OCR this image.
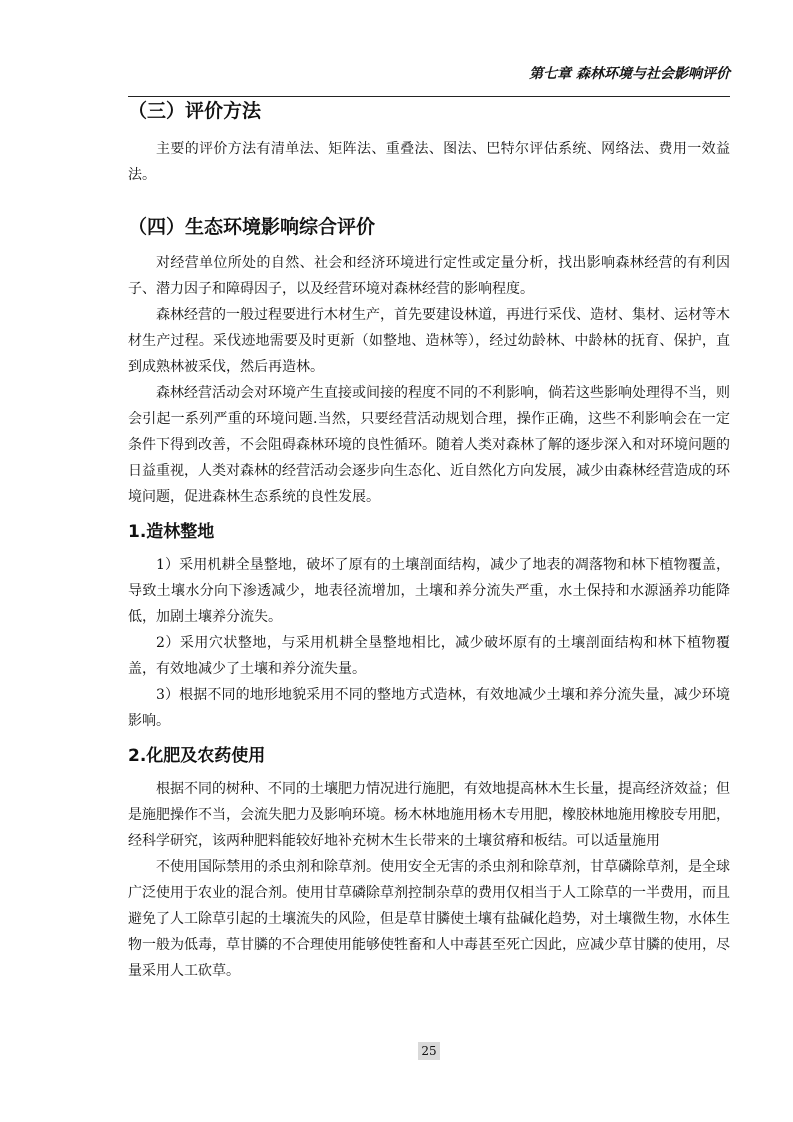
第七章 森林环境与社会影响评价
（三）评价方法

主要的评价方法有清单法、矩阵法、重叠法、图法、巴特尔评估系统、网络法、费用一效益法。

（四）生态环境影响综合评价

对经营单位所处的自然、社会和经济环境进行定性或定量分析，找出影响森林经营的有利因子、潜力因子和障碍因子，以及经营环境对森林经营的影响程度。

森林经营的一般过程要进行木材生产，首先要建设林道，再进行采伐、造材、集材、运材等木材生产过程。采伐迹地需要及时更新（如整地、造林等），经过幼龄林、中龄林的抚育、保护，直到成熟林被采伐，然后再造林。

森林经营活动会对环境产生直接或间接的程度不同的不利影响，倘若这些影响处理得不当，则会引起一系列严重的环境问题.当然，只要经营活动规划合理，操作正确，这些不利影响会在一定条件下得到改善，不会阻碍森林环境的良性循环。随着人类对森林了解的逐步深入和对环境问题的日益重视，人类对森林的经营活动会逐步向生态化、近自然化方向发展，减少由森林经营造成的环境问题，促进森林生态系统的良性发展。

1.造林整地

1）采用机耕全垦整地，破坏了原有的土壤剖面结构，减少了地表的凋落物和林下植物覆盖，导致土壤水分向下渗透减少，地表径流增加，土壤和养分流失严重，水土保持和水源涵养功能降低，加剧土壤养分流失。

2）采用穴状整地，与采用机耕全垦整地相比，减少破坏原有的土壤剖面结构和林下植物覆盖，有效地减少了土壤和养分流失量。

3）根据不同的地形地貌采用不同的整地方式造林，有效地减少土壤和养分流失量，减少环境影响。

2.化肥及农药使用

根据不同的树种、不同的土壤肥力情况进行施肥，有效地提高林木生长量，提高经济效益；但是施肥操作不当，会流失肥力及影响环境。杨木林地施用杨木专用肥，橡胶林地施用橡胶专用肥，经科学研究，该两种肥料能较好地补充树木生长带来的土壤贫瘠和板结。可以适量施用

不使用国际禁用的杀虫剂和除草剂。使用安全无害的杀虫剂和除草剂，甘草磷除草剂，是全球广泛使用于农业的混合剂。使用甘草磷除草剂控制杂草的费用仅相当于人工除草的一半费用，而且避免了人工除草引起的土壤流失的风险，但是草甘膦使土壤有盐碱化趋势，对土壤微生物，水体生物一般为低毒，草甘膦的不合理使用能够使牲畜和人中毒甚至死亡因此，应减少草甘膦的使用，尽量采用人工砍草。

25
